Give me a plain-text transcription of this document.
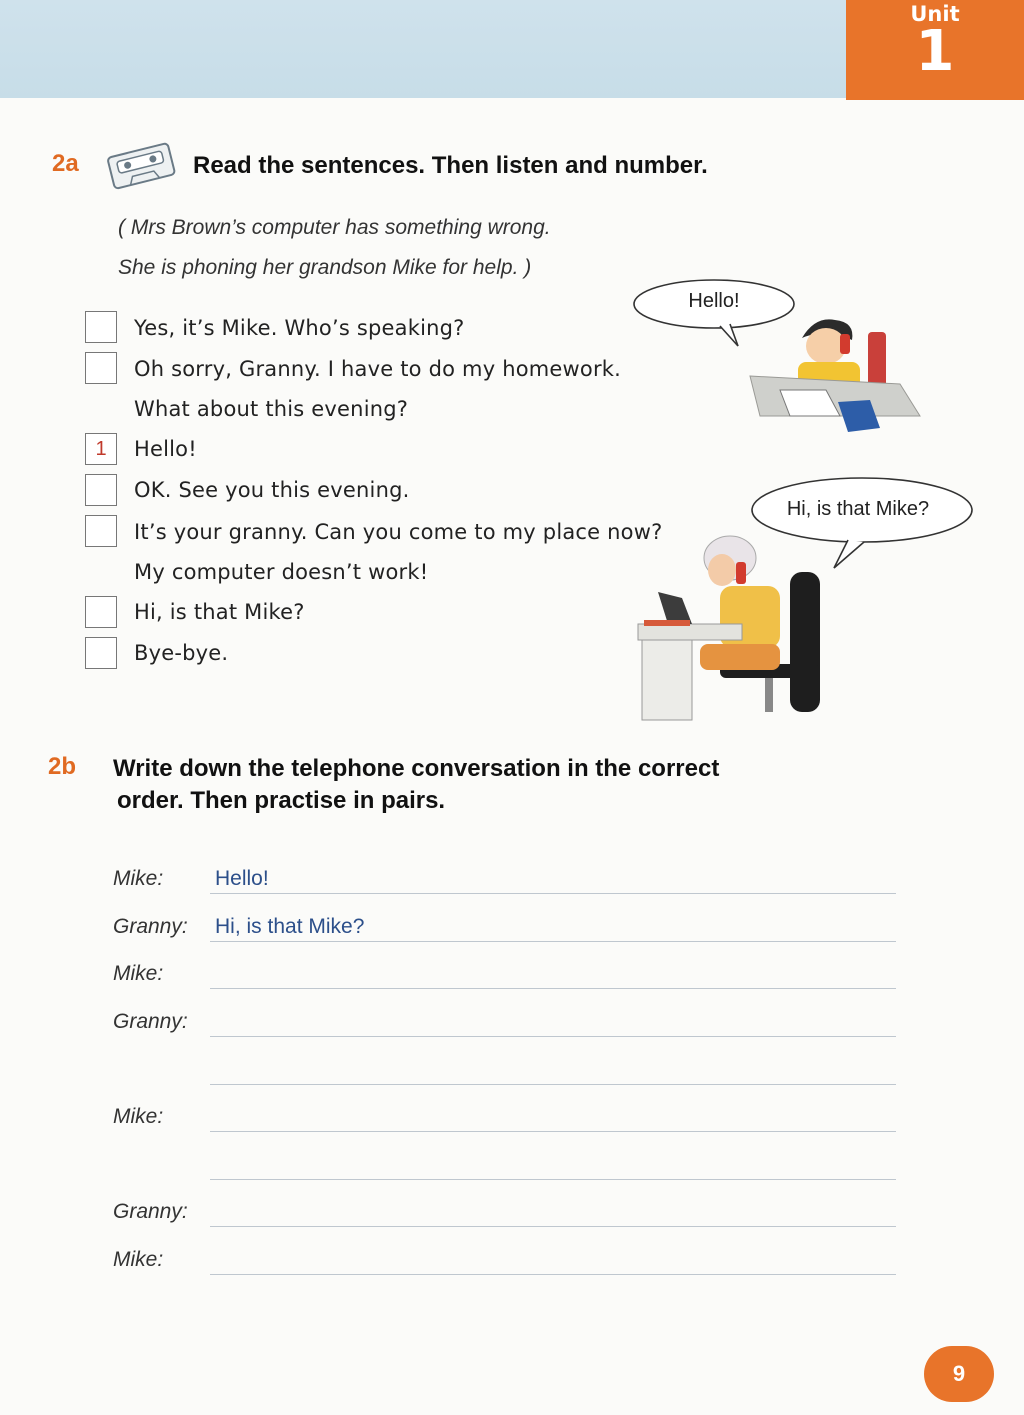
Unit
1
2a	Read the sentences. Then listen and number.
( Mrs Brown’s computer has something wrong.
She is phoning her grandson Mike for help. )
Yes, it’s Mike. Who’s speaking?
Oh sorry, Granny. I have to do my homework.
What about this evening?
1	Hello!
OK. See you this evening.
It’s your granny. Can you come to my place now?
My computer doesn’t work!
Hi, is that Mike?
Bye-bye.
Hello!
Hi, is that Mike?
2b Write down the telephone conversation in the correct
order. Then practise in pairs.
Mike: Hello!
Granny: Hi, is that Mike?
Mike:
Granny:
Mike:
Granny:
Mike:
9
